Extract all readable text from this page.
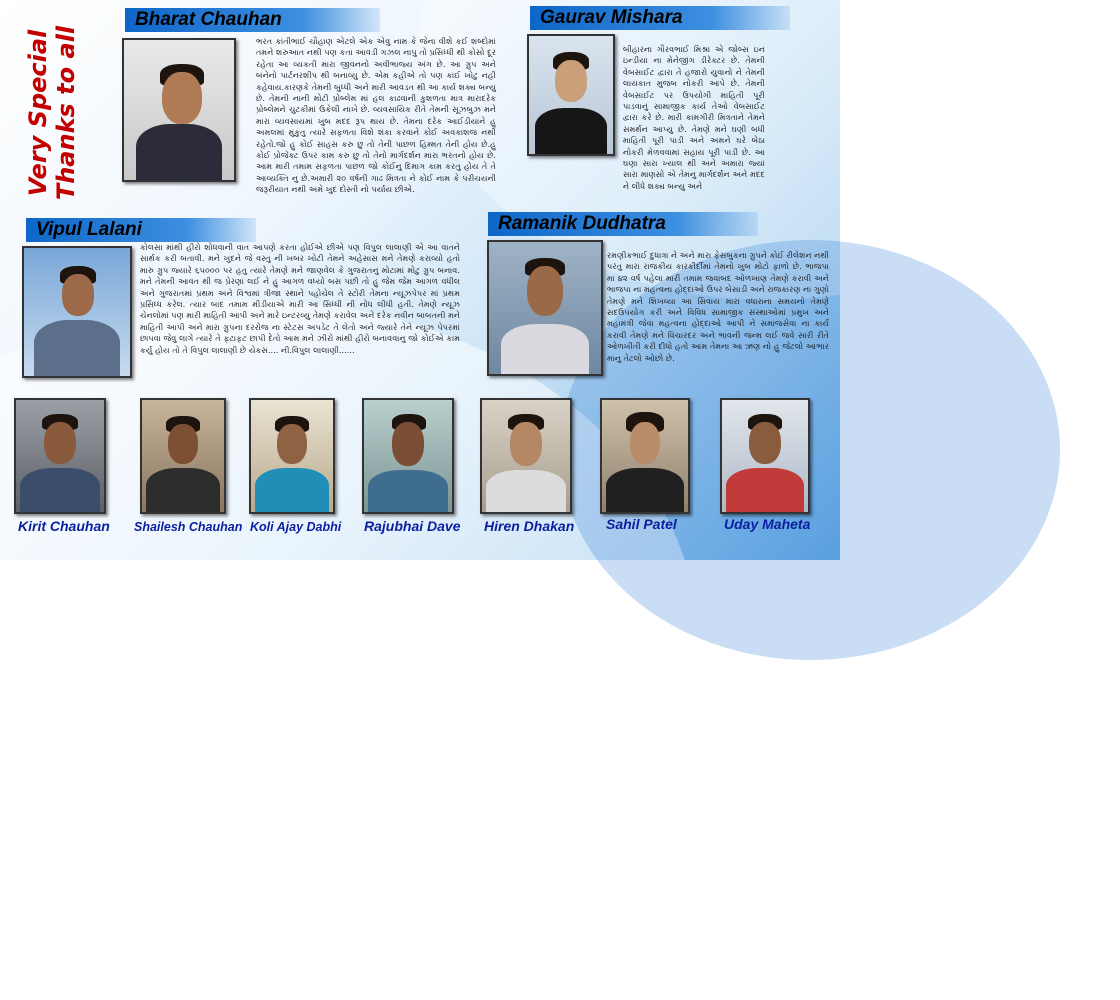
Very Special Thanks to all
Bharat Chauhan
ભરત કાંતીભાઈ ચૌહાણ એટલે એક એવુ નામ કે જેના વીશે કઈ શબ્દોમાં તમને શરુઆત નથી પણ કતા આવડી ગઝલ નાપુ તો પ્રસિધ્ધી થી કોસો દૂર રહેતા આ વ્યકતી મારા જીવનનો અવીભાજ્ય અંગ છે. આ ગ્રુપ અને બંનેનો પાર્ટનરશીપ થી બનાવ્યુ છે. એમ કહીએ તો પણ કાંઈ ખોટુ નહી કહેવાય.કારણકે તેમની બુધ્ધી અને મારી આવડત થી આ કાર્ય શક્ય બન્યુ છે. તેમની નાની મોટી પ્રોબ્લેમ માં હલ કાઢવાની કુશળતા માત્ર મારાદરેક પ્રોબ્લેમને ચુટકીમાં ઉકેલી નાખે છે. વ્યવસાયિક રીતે તેમની સૂઝબુઝ મને મારા વ્યવસાયમાં ખુબ મદદ રૂપ થાય છે. તેમના દરેક આઈડીયાને હુ અમલમાં મુકુતુ ત્યારે સફળતા વિશે શંકા કરવાને કોઈ અવકાશજ નથી રહેતો.જો હુ કોઈ સાહસ કરુ છુ તો તેની પાછળ હિમ્મત તેની હોય છે.હુ કોઈ પ્રોજેક્ટ ઉપર કામ કરુ છુ તો તેનો માર્ગદર્શન મારા ભરતનો હોય છે. આમ મારી તમામ સફળતા પાછળ જો કોઈનુ દિમાગ કામ કરતુ હોય તે તે આવ્યક્તિ નુ છે.અમારી ૨૦ વર્ષની ગાઢ મિત્રતા ને કોઈ નામ કે પરીચયની જરૂરીયાત નથી અમે ખુદ દોસ્તી નો પર્યાય છીએ.
Gaurav Mishara
બીહારના ગૌરવભાઈ મિશ્રા એ જોબ્સ ઇન ઇન્ડીયા ના મેનેજીંગ ડીરેક્ટર છે. તેમની વેબસાઈટ દ્વારા તે હજારો યુવાનો ને તેમની લાયકાત મુજબ નોકરી આપે છે. તેમની વેબસાઈટ પર ઉપયોગી માહિતી પૂરી પાડવાનું સામાજીક કાર્ય તેઓ વેબસાઈટ દ્વારા કરે છે. મારી કામગીરી મિત્રતાને તેમને સમર્થન આપ્યુ છે. તેમણે મને ઘણી બધી માહિતી પૂરી પાડી અને અમને ઘરે બેઠા નોકરી મેળવવામાં સહાય પૂરી પાડી છે. આ ઘણા સારા ખ્યાલ થી અને અમારા જ્યાં સારા માણસો એ તેમનુ માર્ગદર્શન અને મદદ ને લીધે શક્ય બન્યુ અને
Vipul Lalani
કોલસા માંથી હીરો શોધવાની વાત આપણે કરતા હોઈએ છીએ પણ વિપુલ લાલાણી એ આ વાતને સાર્થક કરી બતાવી. મને ખુદને જે વસ્તુ ની ખબર ખોટી તેમને અહેસાસ મને તેમણે કરાવ્યો હતો મારુ ગ્રુપ જ્યારે ૬૫૦૦૦ પર હતુ ત્યારે તેમણે મને જાણવેલ કે ગુજરાતનુ મોટામાં મોટુ ગ્રુપ બનાવ. મને તેમની આવત થી જ પ્રેરણા લઈ ને હુ આગળ વધ્યો બસ પછી તો હુ જેમ જેમ આગળ વધીલ અને ગુજરાતમાં પ્રથમ અને વિશ્વમાં ત્રીજા સ્થાને પહોચેલ તે સ્ટોરી તેમના ન્યૂઝપેપર માં પ્રથમ પ્રસિધ્ધ કરેલ. ત્યાર બાદ તમામ મીડીયાએ મારી આ સિધ્ધી ની નોંધ લીધી હતી. તેમણે ન્યૂઝ ચેનલોમાં પણ મારી માહિતી આપી અને મારે ઇન્ટરવ્યુ તેમણે કરાવેલ અને દરેક નવીન બાબતની મને માહિતી આપી અને મારા ગ્રુપના દરરોજ ના સ્ટેટસ અપડેટ તે લેતો અને જ્યારે તેને ન્યૂઝ પેપરમાં છાપવા જેવુ લાગે ત્યારે તે ફટાફટ છાપી દેતો આમ મને ઝીરો માંથી હીરો બનાવવાનુ જો કોઈએ કામ કર્યુ હોય તો તે વિપુલ લાલાણી છે યેકસ.... ની.વિપુલ લાલાણી......
Ramanik Dudhatra
રમણીકભાઈ દુધાત્રા ને અને મારા ફેસબુકના ગ્રુપને કોઈ રીલેશન નથી પરંતુ મારા રાજકીય કારકીર્દીમાં તેમનો ખુબ મોટો ફાળો છે. ભાજપા મા ૪૨ વર્ષ પહેલા મારી તમામ જવાબદ ઓળખાણ તેમણે કરાવી અને ભાજપા ના મહત્વના હોદ્દાઓ ઉપર બેસાડી અને રાજકારણ ના ગુણો તેમણે મને શિખવ્યા આ સિવાય મારા વધારાના સમયનો તેમણે સદઉપયોગ કરી અને વિવિધ સામાજીક સંસ્થાઓમાં પ્રમુખ અને મહામંત્રી જેવા મહત્વના હોદ્દાઓ આપી ને સમાજસેવા ના કાર્ય કરાવી તેમણે મને વિચારદર અને ભાવની જન્મ લઈ જવે સારી રીતે ઓળખીતી કરી દીધો હતો આમ તેમના આ ઋણ નો હુ જેટલો આભાર માનુ તેટલો ઓછો છે.
Kirit Chauhan Shailesh Chauhan Koli Ajay Dabhi Rajubhai Dave Hiren Dhakan Sahil Patel	Uday Maheta
